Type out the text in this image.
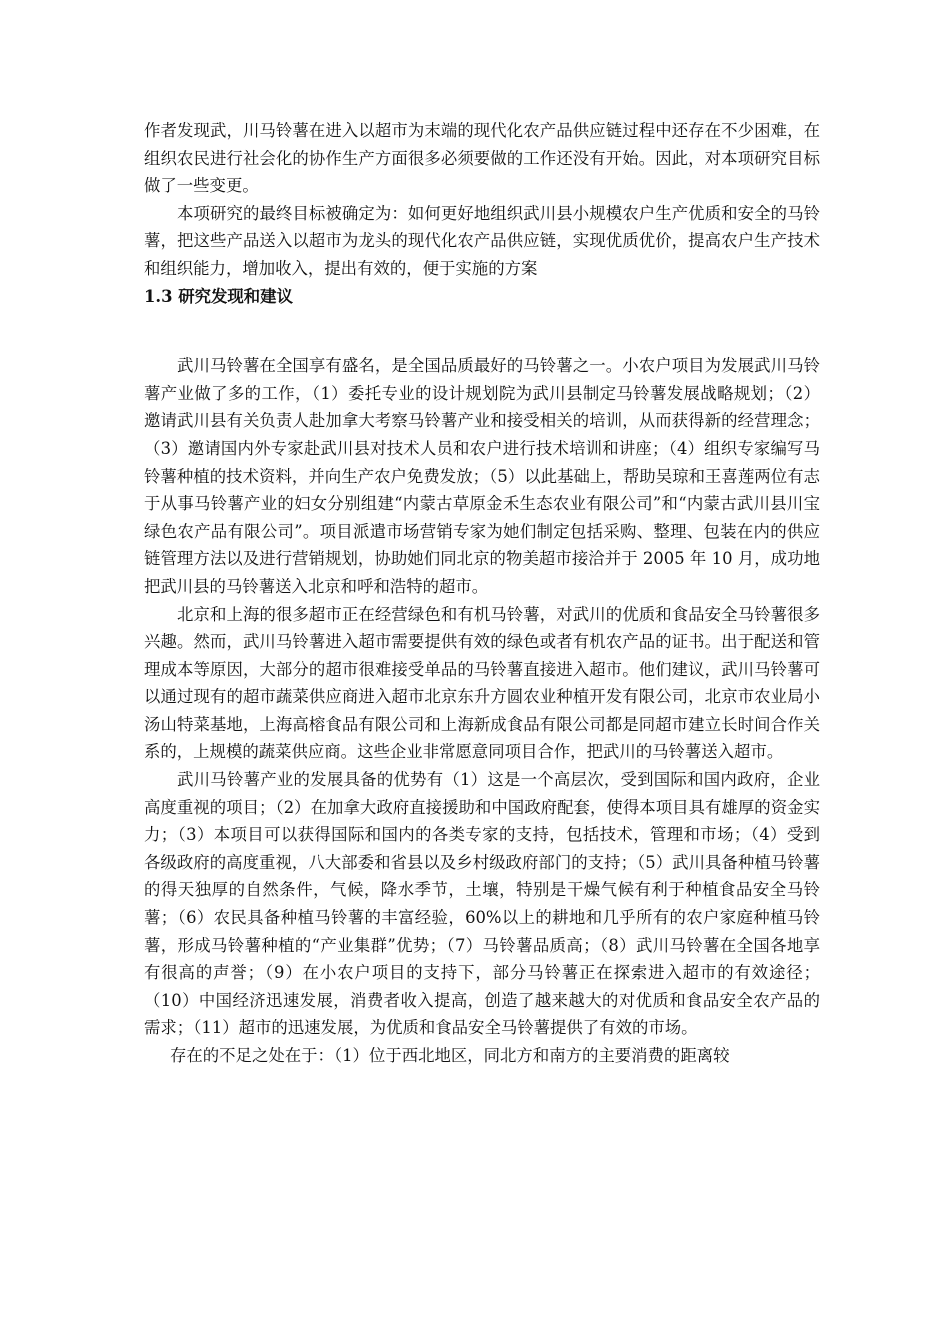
作者发现武，川马铃薯在进入以超市为末端的现代化农产品供应链过程中还存在不少困难，在组织农民进行社会化的协作生产方面很多必须要做的工作还没有开始。因此，对本项研究目标做了一些变更。

本项研究的最终目标被确定为：如何更好地组织武川县小规模农户生产优质和安全的马铃薯，把这些产品送入以超市为龙头的现代化农产品供应链，实现优质优价，提高农户生产技术和组织能力，增加收入，提出有效的，便于实施的方案

1.3 研究发现和建议

武川马铃薯在全国享有盛名，是全国品质最好的马铃薯之一。小农户项目为发展武川马铃薯产业做了多的工作，（1）委托专业的设计规划院为武川县制定马铃薯发展战略规划；（2）邀请武川县有关负责人赴加拿大考察马铃薯产业和接受相关的培训，从而获得新的经营理念；（3）邀请国内外专家赴武川县对技术人员和农户进行技术培训和讲座；（4）组织专家编写马铃薯种植的技术资料，并向生产农户免费发放；（5）以此基础上，帮助吴琼和王喜莲两位有志于从事马铃薯产业的妇女分别组建“内蒙古草原金禾生态农业有限公司”和“内蒙古武川县川宝绿色农产品有限公司”。项目派遣市场营销专家为她们制定包括采购、整理、包装在内的供应链管理方法以及进行营销规划，协助她们同北京的物美超市接洽并于 2005 年 10 月，成功地把武川县的马铃薯送入北京和呼和浩特的超市。

北京和上海的很多超市正在经营绿色和有机马铃薯，对武川的优质和食品安全马铃薯很多兴趣。然而，武川马铃薯进入超市需要提供有效的绿色或者有机农产品的证书。出于配送和管理成本等原因，大部分的超市很难接受单品的马铃薯直接进入超市。他们建议，武川马铃薯可以通过现有的超市蔬菜供应商进入超市北京东升方圆农业种植开发有限公司，北京市农业局小汤山特菜基地，上海高榕食品有限公司和上海新成食品有限公司都是同超市建立长时间合作关系的，上规模的蔬菜供应商。这些企业非常愿意同项目合作，把武川的马铃薯送入超市。

武川马铃薯产业的发展具备的优势有（1）这是一个高层次，受到国际和国内政府，企业高度重视的项目；（2）在加拿大政府直接援助和中国政府配套，使得本项目具有雄厚的资金实力；（3）本项目可以获得国际和国内的各类专家的支持，包括技术，管理和市场；（4）受到各级政府的高度重视，八大部委和省县以及乡村级政府部门的支持；（5）武川具备种植马铃薯的得天独厚的自然条件，气候，降水季节，土壤，特别是干燥气候有利于种植食品安全马铃薯；（6）农民具备种植马铃薯的丰富经验，60%以上的耕地和几乎所有的农户家庭种植马铃薯，形成马铃薯种植的“产业集群”优势；（7）马铃薯品质高；（8）武川马铃薯在全国各地享有很高的声誉；（9）在小农户项目的支持下，部分马铃薯正在探索进入超市的有效途径；（10）中国经济迅速发展，消费者收入提高，创造了越来越大的对优质和食品安全农产品的需求；（11）超市的迅速发展，为优质和食品安全马铃薯提供了有效的市场。

存在的不足之处在于：（1）位于西北地区，同北方和南方的主要消费的距离较
